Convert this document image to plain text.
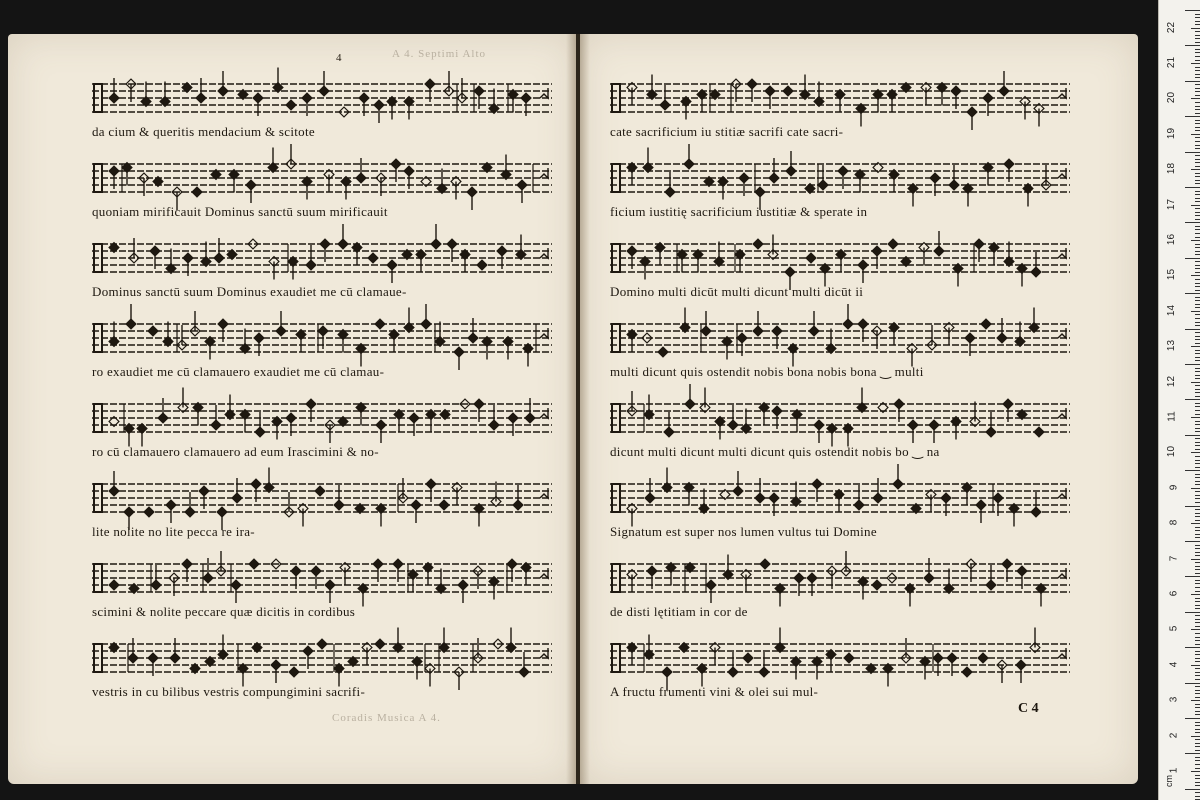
4	A 4. Septimi Alto
Coradis Musica A 4.
da cium & queritis mendacium & scitote
quoniam mirificauit Dominus sanctū suum mirificauit
Dominus sanctū suum Dominus exaudiet me cū clamaue-
ro exaudiet me cū clamauero exaudiet me cū clamau-
ro cū clamauero clamauero ad eum Irascimini & no-
lite nolite no lite pecca re ira-
scimini & nolite peccare quæ dicitis in cordibus
vestris in cu bilibus vestris compungimini sacrifi-
cate sacrificium iu stitiæ sacrifi cate sacri-
ficium iustitię sacrificium iustitiæ & sperate in
Domino multi dicūt multi dicunt multi dicūt ii
multi dicunt quis ostendit nobis bona nobis bona ‿ multi
dicunt multi dicunt multi dicunt quis ostendit nobis bo ‿ na
Signatum est super nos lumen vultus tui Domine
de disti lętitiam in cor de
A fructu frumenti vini & olei sui mul-
C 4
cm
22
21
20
19
18
17
16
15
14
13
12
11
10
9
8
7
6
5
4
3
2
1
